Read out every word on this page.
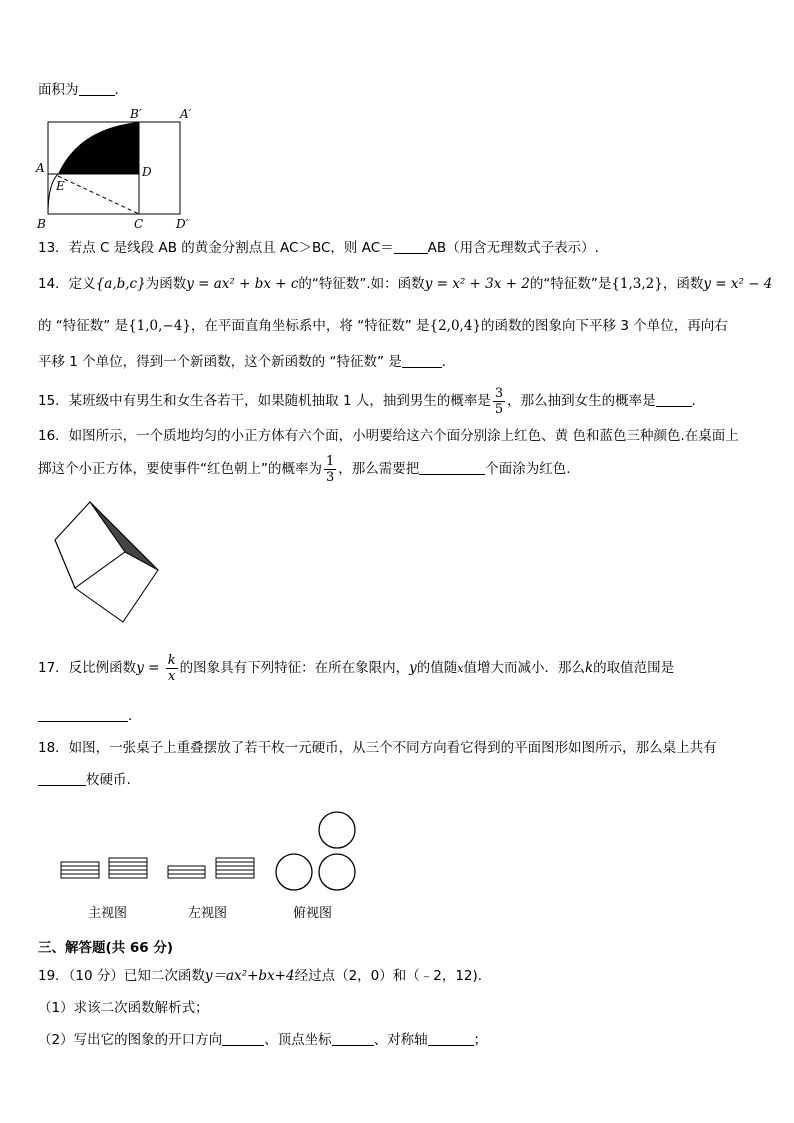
面积为	.
B′	A′
A
E
D
B	C	D′
13．若点 C 是线段 AB 的黄金分割点且 AC＞BC，则 AC＝	AB（用含无理数式子表示）.
14．定义{a,b,c}为函数y = ax² + bx + c的“特征数”.如：函数y = x² + 3x + 2的“特征数”是{1,3,2}，函数y = x² − 4
的 “特征数” 是{1,0,−4}，在平面直角坐标系中，将 “特征数” 是{2,0,4}的函数的图象向下平移 3 个单位，再向右
平移 1 个单位，得到一个新函数，这个新函数的 “特征数” 是	.
15．某班级中有男生和女生各若干，如果随机抽取 1 人，抽到男生的概率是 $\frac{3}{5}$ ，那么抽到女生的概率是	.
16．如图所示，一个质地均匀的小正方体有六个面，小明要给这六个面分别涂上红色、黄 色和蓝色三种颜色.在桌面上
掷这个小正方体，要使事件“红色朝上”的概率为 $\frac{1}{3}$ ，那么需要把	个面涂为红色.
17．反比例函数$y = \frac{k}{x}$ 的图象具有下列特征：在所在象限内，y的值随x值增大而减小．那么k的取值范围是
.
18．如图，一张桌子上重叠摆放了若干枚一元硬币，从三个不同方向看它得到的平面图形如图所示，那么桌上共有
枚硬币.
主视图	左视图	俯视图
三、解答题(共 66 分)
19．（10 分）已知二次函数y＝ax²+bx+4经过点（2，0）和（﹣2，12).
（1）求该二次函数解析式；
（2）写出它的图象的开口方向	、顶点坐标	、对称轴	；
